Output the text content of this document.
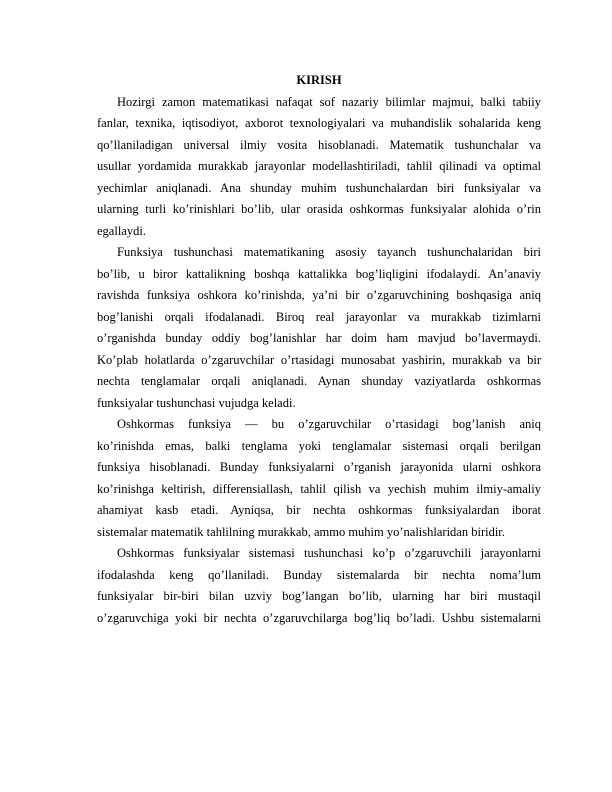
KIRISH
Hozirgi zamon matematikasi nafaqat sof nazariy bilimlar majmui, balki tabiiy
fanlar, texnika, iqtisodiyot, axborot texnologiyalari va muhandislik sohalarida keng
qo’llaniladigan universal ilmiy vosita hisoblanadi. Matematik tushunchalar va
usullar yordamida murakkab jarayonlar modellashtiriladi, tahlil qilinadi va optimal
yechimlar aniqlanadi. Ana shunday muhim tushunchalardan biri funksiyalar va
ularning turli ko’rinishlari bo’lib, ular orasida oshkormas funksiyalar alohida o’rin
egallaydi.
Funksiya tushunchasi matematikaning asosiy tayanch tushunchalaridan biri
bo’lib, u biror kattalikning boshqa kattalikka bog’liqligini ifodalaydi. An’anaviy
ravishda funksiya oshkora ko’rinishda, ya’ni bir o’zgaruvchining boshqasiga aniq
bog’lanishi orqali ifodalanadi. Biroq real jarayonlar va murakkab tizimlarni
o’rganishda bunday oddiy bog’lanishlar har doim ham mavjud bo’lavermaydi.
Ko’plab holatlarda o’zgaruvchilar o’rtasidagi munosabat yashirin, murakkab va bir
nechta tenglamalar orqali aniqlanadi. Aynan shunday vaziyatlarda oshkormas
funksiyalar tushunchasi vujudga keladi.
Oshkormas funksiya — bu o’zgaruvchilar o’rtasidagi bog’lanish aniq
ko’rinishda emas, balki tenglama yoki tenglamalar sistemasi orqali berilgan
funksiya hisoblanadi. Bunday funksiyalarni o’rganish jarayonida ularni oshkora
ko’rinishga keltirish, differensiallash, tahlil qilish va yechish muhim ilmiy-amaliy
ahamiyat kasb etadi. Ayniqsa, bir nechta oshkormas funksiyalardan iborat
sistemalar matematik tahlilning murakkab, ammo muhim yo’nalishlaridan biridir.
Oshkormas funksiyalar sistemasi tushunchasi ko’p o’zgaruvchili jarayonlarni
ifodalashda keng qo’llaniladi. Bunday sistemalarda bir nechta noma’lum
funksiyalar bir-biri bilan uzviy bog’langan bo’lib, ularning har biri mustaqil
o’zgaruvchiga yoki bir nechta o’zgaruvchilarga bog’liq bo’ladi. Ushbu sistemalarni
